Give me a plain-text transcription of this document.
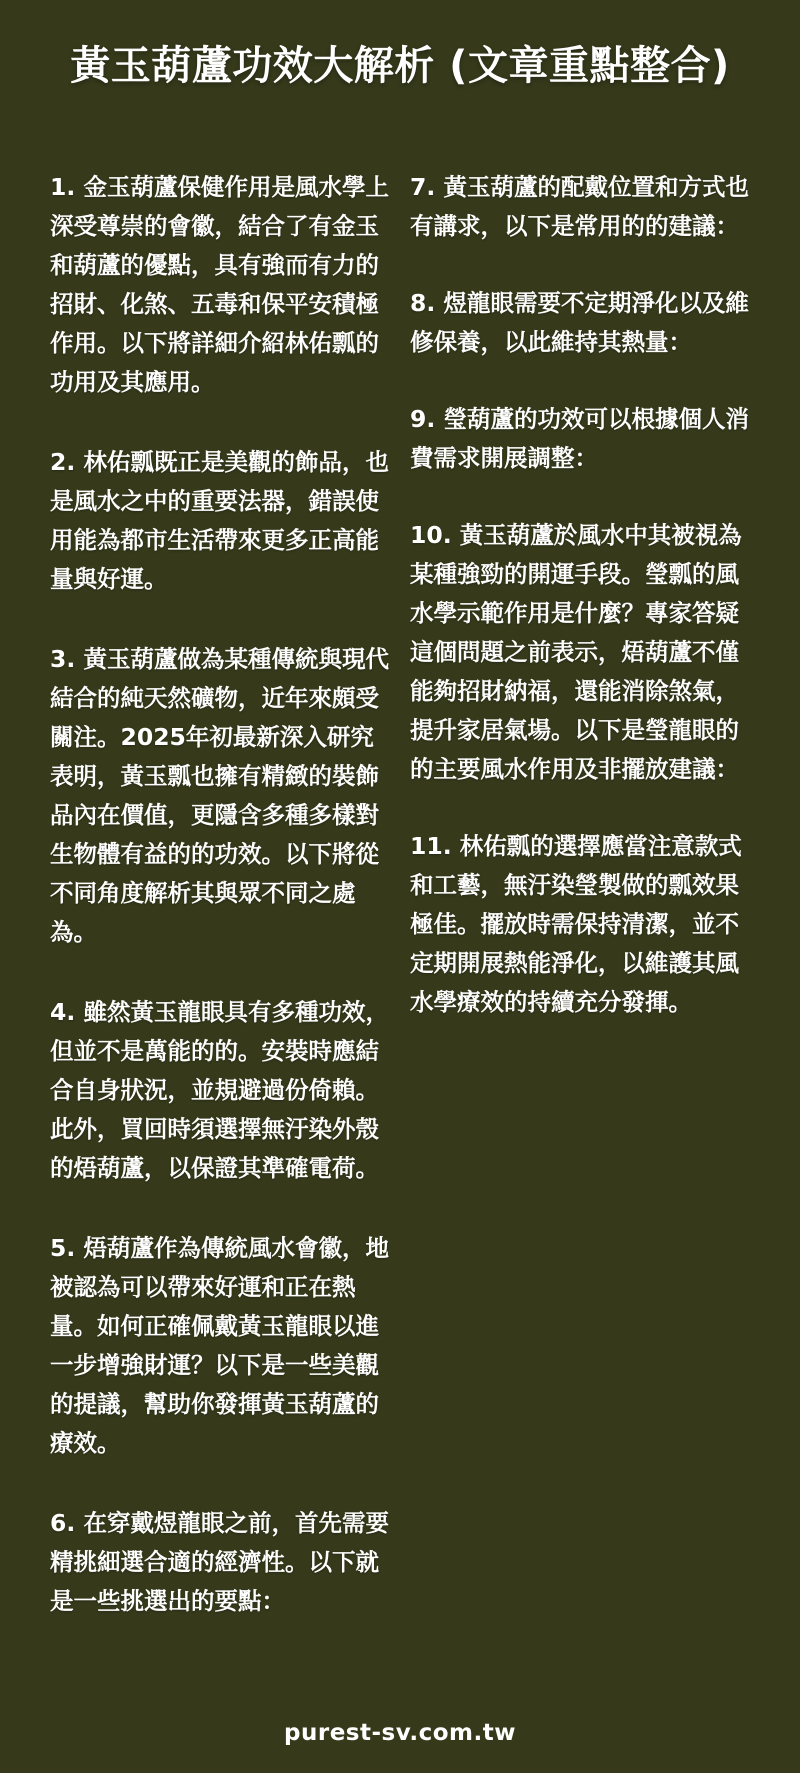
黃玉葫蘆功效大解析 (文章重點整合)

1. 金玉葫蘆保健作用是風水學上深受尊崇的會徽，結合了有金玉和葫蘆的優點，具有強而有力的招財、化煞、五毒和保平安積極作用。以下將詳細介紹林佑瓢的功用及其應用。

2. 林佑瓢既正是美觀的飾品，也是風水之中的重要法器，錯誤使用能為都市生活帶來更多正高能量與好運。

3. 黃玉葫蘆做為某種傳統與現代結合的純天然礦物，近年來頗受關注。2025年初最新深入研究表明，黃玉瓢也擁有精緻的裝飾品內在價值，更隱含多種多樣對生物體有益的的功效。以下將從不同角度解析其與眾不同之處為。

4. 雖然黃玉龍眼具有多種功效，但並不是萬能的的。安裝時應結合自身狀況，並規避過份倚賴。此外，買回時須選擇無汙染外殼的焐葫蘆，以保證其準確電荷。

5. 焐葫蘆作為傳統風水會徽，地被認為可以帶來好運和正在熱量。如何正確佩戴黃玉龍眼以進一步增強財運？以下是一些美觀的提議，幫助你發揮黃玉葫蘆的療效。

6. 在穿戴煜龍眼之前，首先需要精挑細選合適的經濟性。以下就是一些挑選出的要點：

7. 黃玉葫蘆的配戴位置和方式也有講求，以下是常用的的建議：

8. 煜龍眼需要不定期淨化以及維修保養，以此維持其熱量：

9. 瑩葫蘆的功效可以根據個人消費需求開展調整：

10. 黃玉葫蘆於風水中其被視為某種強勁的開運手段。瑩瓢的風水學示範作用是什麼？專家答疑 這個問題之前表示，焐葫蘆不僅能夠招財納福，還能消除煞氣，提升家居氣場。以下是瑩龍眼的的主要風水作用及非擺放建議：

11. 林佑瓢的選擇應當注意款式和工藝，無汙染瑩製做的瓢效果極佳。擺放時需保持清潔，並不定期開展熱能淨化，以維護其風水學療效的持續充分發揮。

purest-sv.com.tw
